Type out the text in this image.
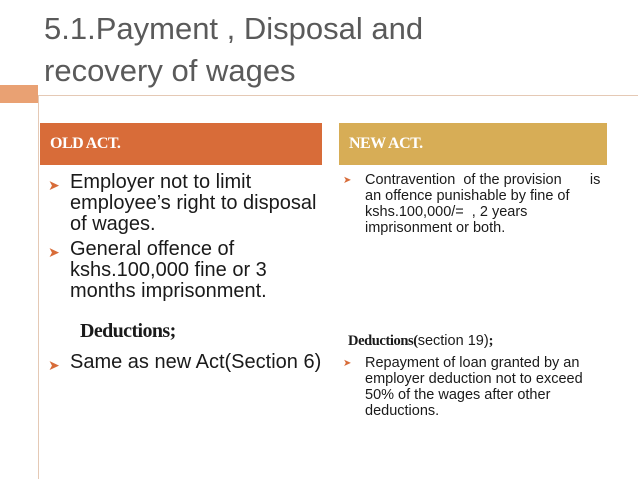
5.1.Payment , Disposal and
recovery of wages
OLD ACT.	NEW ACT.
➤ Employer not to limit employee’s right to disposal of wages.
➤ General offence of kshs.100,000 fine or 3 months imprisonment.
Deductions;
➤ Same as new Act(Section 6)
➤ Contravention  of the provision       is an offence punishable by fine of kshs.100,000/=  , 2 years imprisonment or both.
Deductions(section 19);
➤ Repayment of loan granted by an employer deduction not to exceed 50% of the wages after other deductions.
